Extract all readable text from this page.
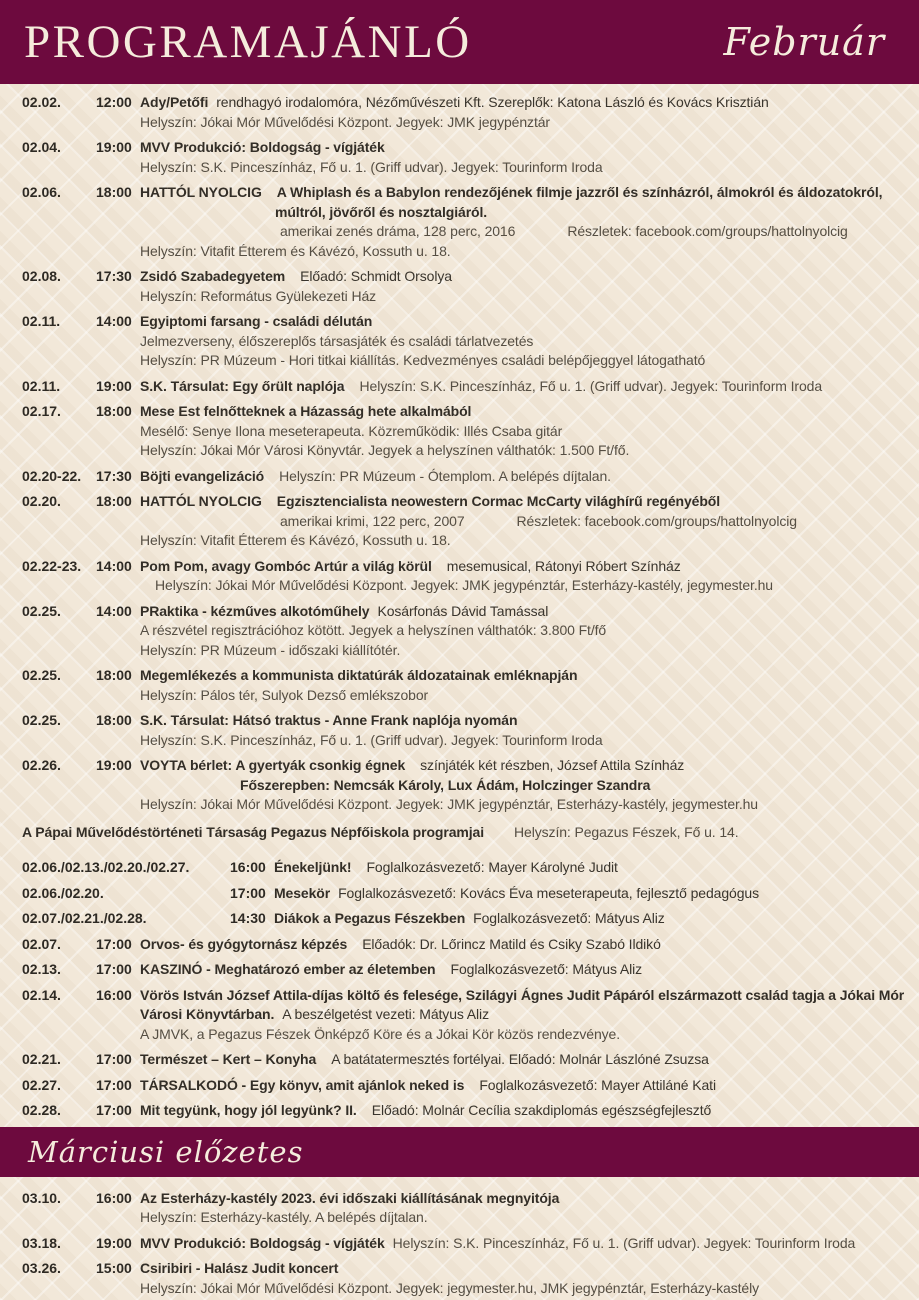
PROGRAMAJÁNLÓ	Február
02.02.	12:00 Ady/Petőfi rendhagyó irodalomóra, Nézőművészeti Kft. Szereplők: Katona László és Kovács Krisztián
Helyszín: Jókai Mór Művelődési Központ. Jegyek: JMK jegypénztár
02.04.	19:00 MVV Produkció: Boldogság - vígjáték
Helyszín: S.K. Pinceszínház, Fő u. 1. (Griff udvar). Jegyek: Tourinform Iroda
02.06.	18:00 HATTÓL NYOLCIG A Whiplash és a Babylon rendezőjének filmje jazzről és színházról, álmokról és áldozatokról, múltról, jövőről és nosztalgiáról.
amerikai zenés dráma, 128 perc, 2016	Részletek: facebook.com/groups/hattolnyolcig
Helyszín: Vitafit Étterem és Kávézó, Kossuth u. 18.
02.08.	17:30 Zsidó Szabadegyetem Előadó: Schmidt Orsolya
Helyszín: Református Gyülekezeti Ház
02.11.	14:00 Egyiptomi farsang - családi délután
Jelmezverseny, élőszereplős társasjáték és családi tárlatvezetés
Helyszín: PR Múzeum - Hori titkai kiállítás. Kedvezményes családi belépőjeggyel látogatható
02.11.	19:00 S.K. Társulat: Egy őrült naplója Helyszín: S.K. Pinceszínház, Fő u. 1. (Griff udvar). Jegyek: Tourinform Iroda
02.17.	18:00 Mese Est felnőtteknek a Házasság hete alkalmából
Mesélő: Senye Ilona meseterapeuta. Közreműködik: Illés Csaba gitár
Helyszín: Jókai Mór Városi Könyvtár. Jegyek a helyszínen válthatók: 1.500 Ft/fő.
02.20-22.	17:30 Böjti evangelizáció Helyszín: PR Múzeum - Ótemplom. A belépés díjtalan.
02.20.	18:00 HATTÓL NYOLCIG Egzisztencialista neowestern Cormac McCarty világhírű regényéből
amerikai krimi, 122 perc, 2007	Részletek: facebook.com/groups/hattolnyolcig
Helyszín: Vitafit Étterem és Kávézó, Kossuth u. 18.
02.22-23.	14:00 Pom Pom, avagy Gombóc Artúr a világ körül mesemusical, Rátonyi Róbert Színház
Helyszín: Jókai Mór Művelődési Központ. Jegyek: JMK jegypénztár, Esterházy-kastély, jegymester.hu
02.25.	14:00 PRaktika - kézműves alkotóműhely Kosárfonás Dávid Tamással
A részvétel regisztrációhoz kötött. Jegyek a helyszínen válthatók: 3.800 Ft/fő
Helyszín: PR Múzeum - időszaki kiállítótér.
02.25.	18:00 Megemlékezés a kommunista diktatúrák áldozatainak emléknapján
Helyszín: Pálos tér, Sulyok Dezső emlékszobor
02.25.	18:00 S.K. Társulat: Hátsó traktus - Anne Frank naplója nyomán
Helyszín: S.K. Pinceszínház, Fő u. 1. (Griff udvar). Jegyek: Tourinform Iroda
02.26.	19:00 VOYTA bérlet: A gyertyák csonkig égnek színjáték két részben, József Attila Színház
Főszerepben: Nemcsák Károly, Lux Ádám, Holczinger Szandra
Helyszín: Jókai Mór Művelődési Központ. Jegyek: JMK jegypénztár, Esterházy-kastély, jegymester.hu
A Pápai Művelődéstörténeti Társaság Pegazus Népfőiskola programjai Helyszín: Pegazus Fészek, Fő u. 14.
02.06./02.13./02.20./02.27.	16:00 Énekeljünk! Foglalkozásvezető: Mayer Károlyné Judit
02.06./02.20.	17:00 Mesekör Foglalkozásvezető: Kovács Éva meseterapeuta, fejlesztő pedagógus
02.07./02.21./02.28.	14:30 Diákok a Pegazus Fészekben Foglalkozásvezető: Mátyus Aliz
02.07.	17:00 Orvos- és gyógytornász képzés Előadók: Dr. Lőrincz Matild és Csiky Szabó Ildikó
02.13.	17:00 KASZINÓ - Meghatározó ember az életemben Foglalkozásvezető: Mátyus Aliz
02.14.	16:00 Vörös István József Attila-díjas költő és felesége, Szilágyi Ágnes Judit Pápáról elszármazott család tagja a Jókai Mór Városi Könyvtárban. A beszélgetést vezeti: Mátyus Aliz
A JMVK, a Pegazus Fészek Önképző Köre és a Jókai Kör közös rendezvénye.
02.21.	17:00 Természet – Kert – Konyha A batátatermesztés fortélyai. Előadó: Molnár Lászlóné Zsuzsa
02.27.	17:00 TÁRSALKODÓ - Egy könyv, amit ajánlok neked is Foglalkozásvezető: Mayer Attiláné Kati
02.28.	17:00 Mit tegyünk, hogy jól legyünk? II. Előadó: Molnár Cecília szakdiplomás egészségfejlesztő
Márciusi előzetes
03.10.	16:00 Az Esterházy-kastély 2023. évi időszaki kiállításának megnyitója
Helyszín: Esterházy-kastély. A belépés díjtalan.
03.18.	19:00 MVV Produkció: Boldogság - vígjáték Helyszín: S.K. Pinceszínház, Fő u. 1. (Griff udvar). Jegyek: Tourinform Iroda
03.26.	15:00 Csiribiri - Halász Judit koncert
Helyszín: Jókai Mór Művelődési Központ. Jegyek: jegymester.hu, JMK jegypénztár, Esterházy-kastély
